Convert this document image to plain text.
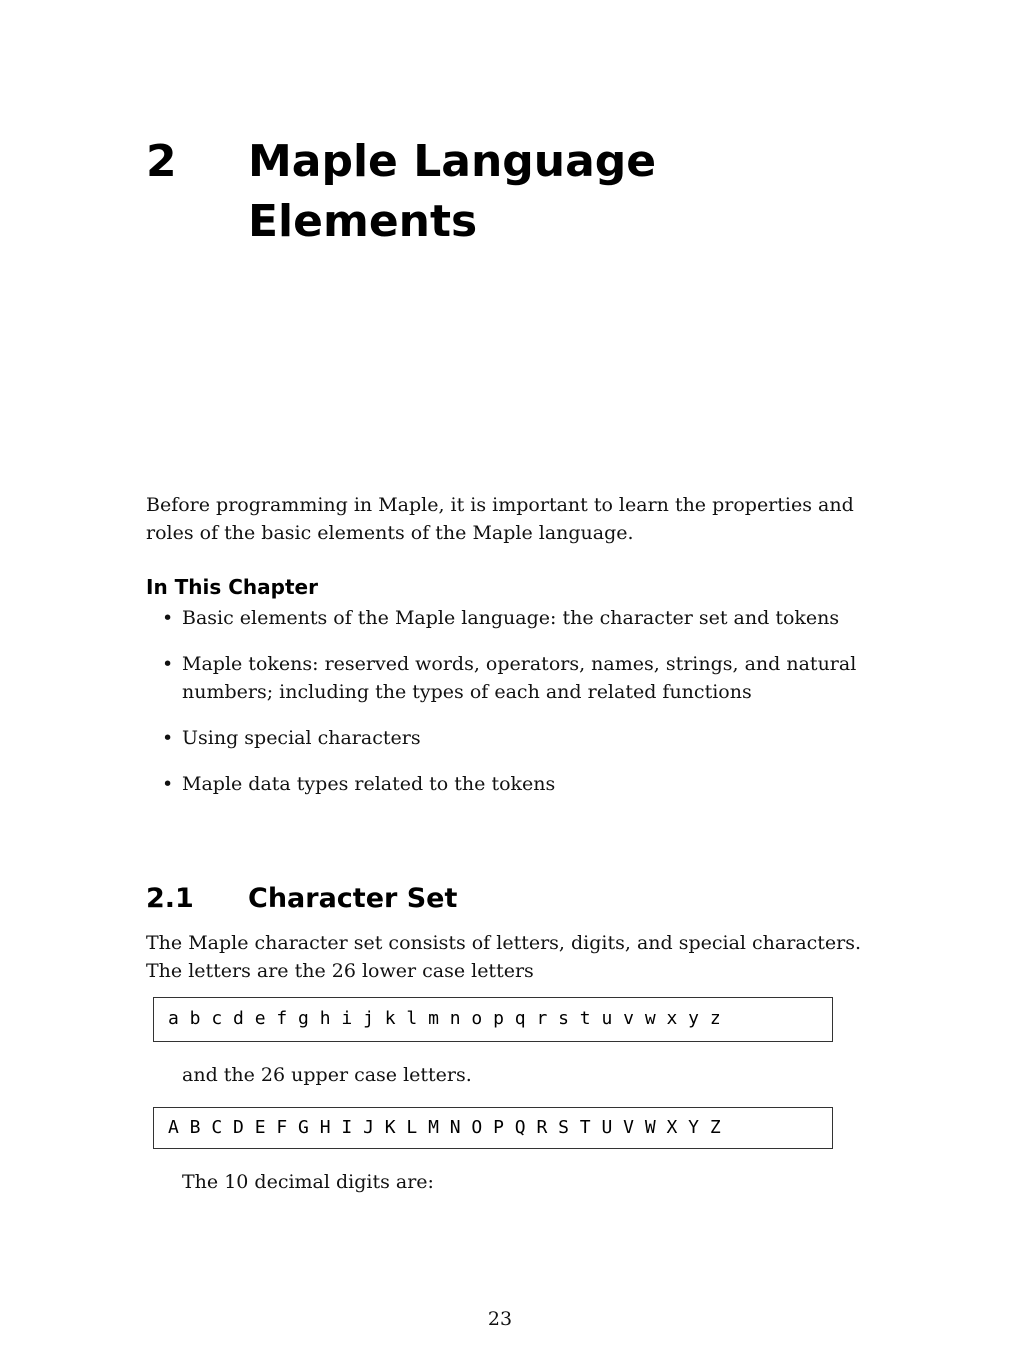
2 Maple Language Elements

Before programming in Maple, it is important to learn the properties and roles of the basic elements of the Maple language.

In This Chapter
• Basic elements of the Maple language: the character set and tokens
• Maple tokens: reserved words, operators, names, strings, and natural numbers; including the types of each and related functions
• Using special characters
• Maple data types related to the tokens
2.1 Character Set

The Maple character set consists of letters, digits, and special characters. The letters are the 26 lower case letters

a b c d e f g h i j k l m n o p q r s t u v w x y z

and the 26 upper case letters.

A B C D E F G H I J K L M N O P Q R S T U V W X Y Z

The 10 decimal digits are:

23
